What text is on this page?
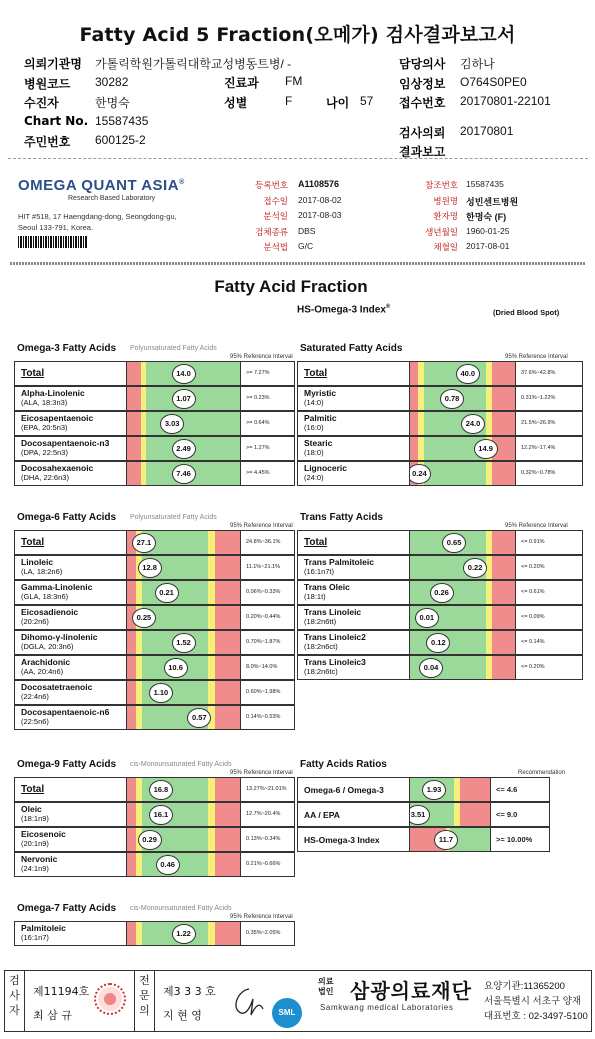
Fatty Acid 5 Fraction(오메가) 검사결과보고서
의뢰기관명 가톨릭학원가톨릭대학교성병동트병/ -
병원코드 30282
수진자	한명숙
Chart No. 15587435
주민번호 600125-2
진료과 FM
성별	F	나이 57
담당의사 김하나
임상정보 O764S0PE0
접수번호 20170801-22101
검사의뢰 20170801
결과보고
OMEGA QUANT ASIA®
Research Based Laboratory
HIT #518, 17 Haengdang-dong, Seongdong-gu,
Seoul 133-791, Korea.
등록번호 A1108576
접수일 2017-08-02
분석일 2017-08-03
검체종류 DBS
분석법 G/C
참조번호 15587435
병원명 성빈센트병원
환자명 한명숙 (F)
생년월일 1960-01-25
채혈일 2017-08-01
Fatty Acid Fraction
HS-Omega-3 Index®
(Dried Blood Spot)
Omega-3 Fatty Acids Polyunsaturated Fatty Acids
95% Reference Interval
Total	14.0	>= 7.27%
Alpha-Linolenic
(ALA, 18:3n3)	1.07	>= 0.23%
Eicosapentaenoic
(EPA, 20:5n3)	3.03	>= 0.64%
Docosapentaenoic-n3
(DPA, 22:5n3)	2.49	>= 1.27%
Docosahexaenoic
(DHA, 22:6n3)	7.46	>= 4.45%
Saturated Fatty Acids
95% Reference Interval
Total	40.0	37.6%~42.8%
Myristic
(14:0)	0.78	0.31%~1.22%
Palmitic
(16:0)	24.0	21.5%~26.9%
Stearic
(18:0)	14.9	12.2%~17.4%
Lignoceric
(24:0)	0.24	0.32%~0.78%
Omega-6 Fatty Acids Polyunsaturated Fatty Acids
95% Reference Interval
Total	27.1	24.8%~36.1%
Linoleic
(LA, 18:2n6)	12.8	11.1%~21.1%
Gamma-Linolenic
(GLA, 18:3n6)	0.21	0.06%~0.33%
Eicosadienoic
(20:2n6)	0.25	0.20%~0.44%
Dihomo-γ-linolenic
(DGLA, 20:3n6)	1.52	0.70%~1.87%
Arachidonic
(AA, 20:4n6)	10.6	8.0%~14.0%
Docosatetraenoic
(22:4n6)	1.10	0.60%~1.98%
Docosapentaenoic-n6
(22:5n6)	0.57	0.14%~0.53%
Trans Fatty Acids
95% Reference Interval
Total	0.65	<= 0.91%
Trans Palmitoleic
(16:1n7t)	0.22	<= 0.20%
Trans Oleic
(18:1t)	0.26	<= 0.61%
Trans Linoleic
(18:2n6tt)	0.01	<= 0.09%
Trans Linoleic2
(18:2n6ct)	0.12	<= 0.14%
Trans Linoleic3
(18:2n6tc)	0.04	<= 0.20%
Omega-9 Fatty Acids cis-Monounsaturated Fatty Acids
95% Reference Interval
Total	16.8	13.27%~21.01%
Oleic
(18:1n9)	16.1	12.7%~20.4%
Eicosenoic
(20:1n9)	0.29	0.13%~0.34%
Nervonic
(24:1n9)	0.46	0.21%~0.66%
Fatty Acids Ratios
Recommendation
Omega-6 / Omega-3	1.93	<= 4.6
AA / EPA	3.51	<= 9.0
HS-Omega-3 Index	11.7	>= 10.00%
Omega-7 Fatty Acids cis-Monounsaturated Fatty Acids
95% Reference Interval
Palmitoleic
(16:1n7)	1.22	0.35%~2.05%
검
사
자
제11194호
최 삼 규
전
문
의
제3 3 3 호
지 현 영	SML
의료법인 삼광의료재단
Samkwang medical Laboratories
요양기관:11365200
서울특별시 서초구 양재
대표번호 : 02-3497-5100
